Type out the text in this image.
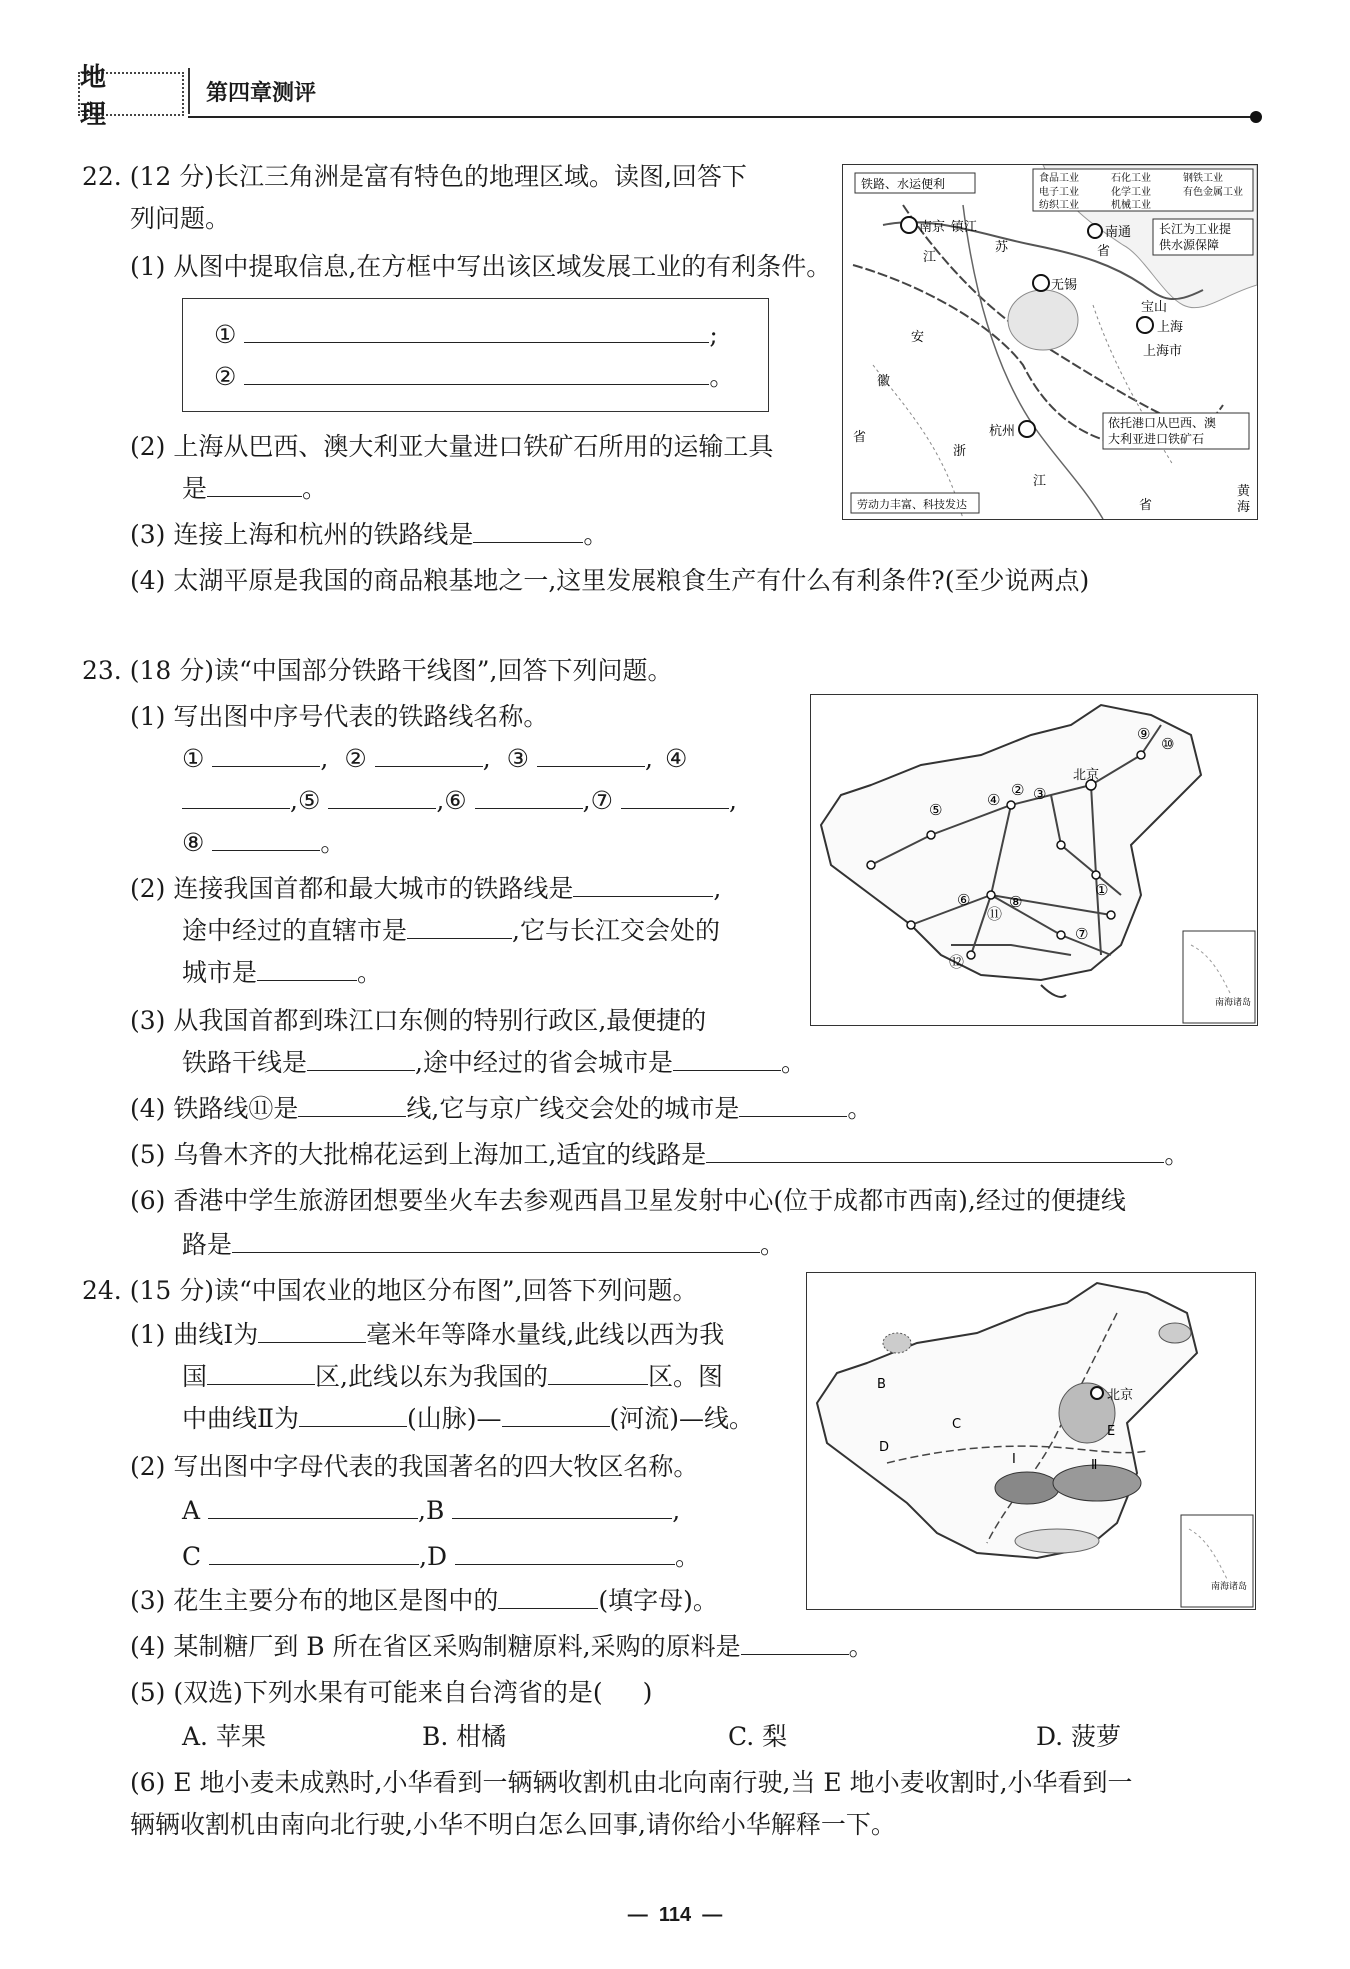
地 理
第四章测评
22. (12 分)长江三角洲是富有特色的地理区域。读图,回答下
列问题。
(1) 从图中提取信息,在方框中写出该区域发展工业的有利条件。
①	;
②	。
(2) 上海从巴西、澳大利亚大量进口铁矿石所用的运输工具
是	。
(3) 连接上海和杭州的铁路线是	。
(4) 太湖平原是我国的商品粮基地之一,这里发展粮食生产有什么有利条件?(至少说两点)
食品工业	石化工业	钢铁工业
电子工业	化学工业	有色金属工业
纺织工业	机械工业
铁路、水运便利
长江为工业提
供水源保障
依托港口从巴西、澳
大利亚进口铁矿石
劳动力丰富、科技发达
南京 镇江	南通
无锡
宝山
上海
上海市
杭州
江
苏	省
安
徽
省
浙
江
省
黄
海
23. (18 分)读“中国部分铁路干线图”,回答下列问题。
(1) 写出图中序号代表的铁路线名称。
①	, ②	, ③	, ④
,⑤	,⑥	,⑦	,
⑧	。
(2) 连接我国首都和最大城市的铁路线是	,
途中经过的直辖市是	,它与长江交会处的
城市是	。
(3) 从我国首都到珠江口东侧的特别行政区,最便捷的
铁路干线是	,途中经过的省会城市是	。
(4) 铁路线⑪是	线,它与京广线交会处的城市是	。
(5) 乌鲁木齐的大批棉花运到上海加工,适宜的线路是	。
(6) 香港中学生旅游团想要坐火车去参观西昌卫星发射中心(位于成都市西南),经过的便捷线
路是	。
北京
⑨
⑩
② ③
④
⑤
⑥	⑧
⑪
⑫
①
⑦
南海诸岛
24. (15 分)读“中国农业的地区分布图”,回答下列问题。
(1) 曲线Ⅰ为	毫米年等降水量线,此线以西为我
国	区,此线以东为我国的	区。图
中曲线Ⅱ为	(山脉)—	(河流)—线。
(2) 写出图中字母代表的我国著名的四大牧区名称。
A	,B	,
C	,D	。
(3) 花生主要分布的地区是图中的	(填字母)。
(4) 某制糖厂到 B 所在省区采购制糖原料,采购的原料是	。
(5) (双选)下列水果有可能来自台湾省的是( )
A. 苹果	B. 柑橘	C. 梨	D. 菠萝
(6) E 地小麦未成熟时,小华看到一辆辆收割机由北向南行驶,当 E 地小麦收割时,小华看到一
辆辆收割机由南向北行驶,小华不明白怎么回事,请你给小华解释一下。
北京
B
C
D
E
Ⅰ	Ⅱ
南海诸岛
— 114 —
